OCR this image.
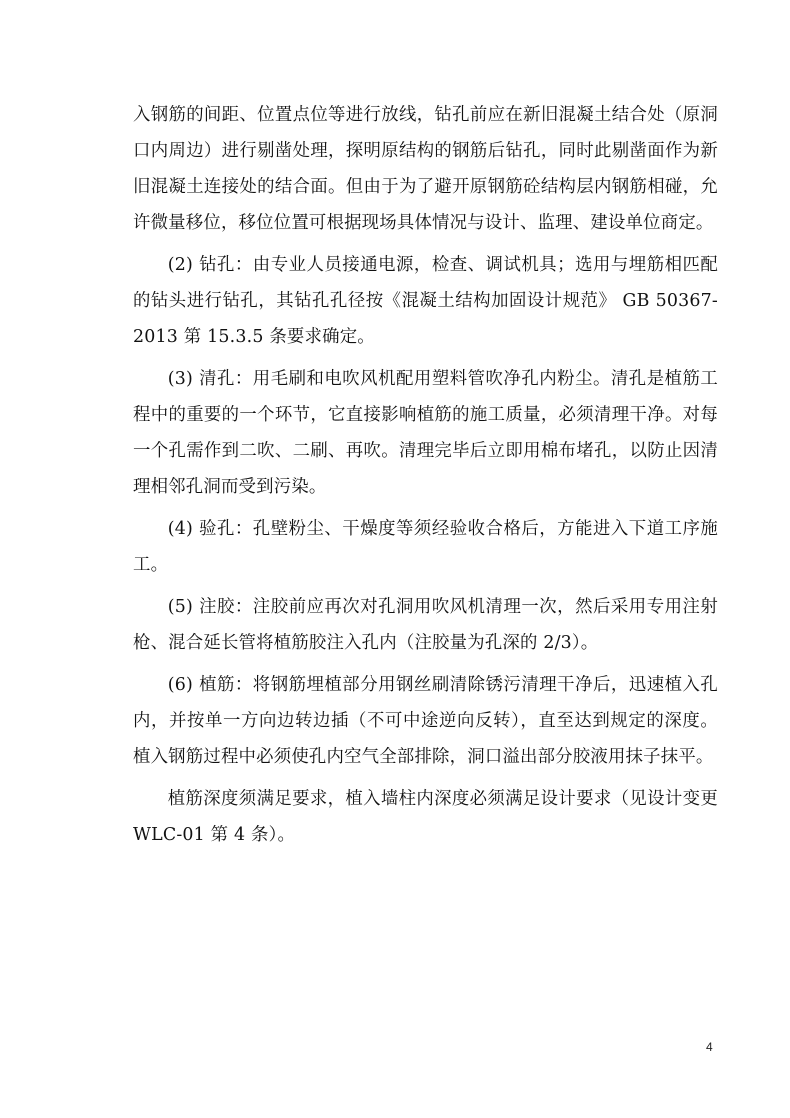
入钢筋的间距、位置点位等进行放线，钻孔前应在新旧混凝土结合处（原洞口内周边）进行剔凿处理，探明原结构的钢筋后钻孔，同时此剔凿面作为新旧混凝土连接处的结合面。但由于为了避开原钢筋砼结构层内钢筋相碰，允许微量移位，移位位置可根据现场具体情况与设计、监理、建设单位商定。

(2) 钻孔：由专业人员接通电源，检查、调试机具；选用与埋筋相匹配的钻头进行钻孔，其钻孔孔径按《混凝土结构加固设计规范》 GB 50367-2013 第 15.3.5 条要求确定。

(3) 清孔：用毛刷和电吹风机配用塑料管吹净孔内粉尘。清孔是植筋工程中的重要的一个环节，它直接影响植筋的施工质量，必须清理干净。对每一个孔需作到二吹、二刷、再吹。清理完毕后立即用棉布堵孔，以防止因清理相邻孔洞而受到污染。

(4) 验孔：孔壁粉尘、干燥度等须经验收合格后，方能进入下道工序施工。

(5) 注胶：注胶前应再次对孔洞用吹风机清理一次，然后采用专用注射枪、混合延长管将植筋胶注入孔内（注胶量为孔深的 2/3）。

(6) 植筋：将钢筋埋植部分用钢丝刷清除锈污清理干净后，迅速植入孔内，并按单一方向边转边插（不可中途逆向反转），直至达到规定的深度。植入钢筋过程中必须使孔内空气全部排除，洞口溢出部分胶液用抹子抹平。

植筋深度须满足要求，植入墙柱内深度必须满足设计要求（见设计变更 WLC-01 第 4 条）。

4
